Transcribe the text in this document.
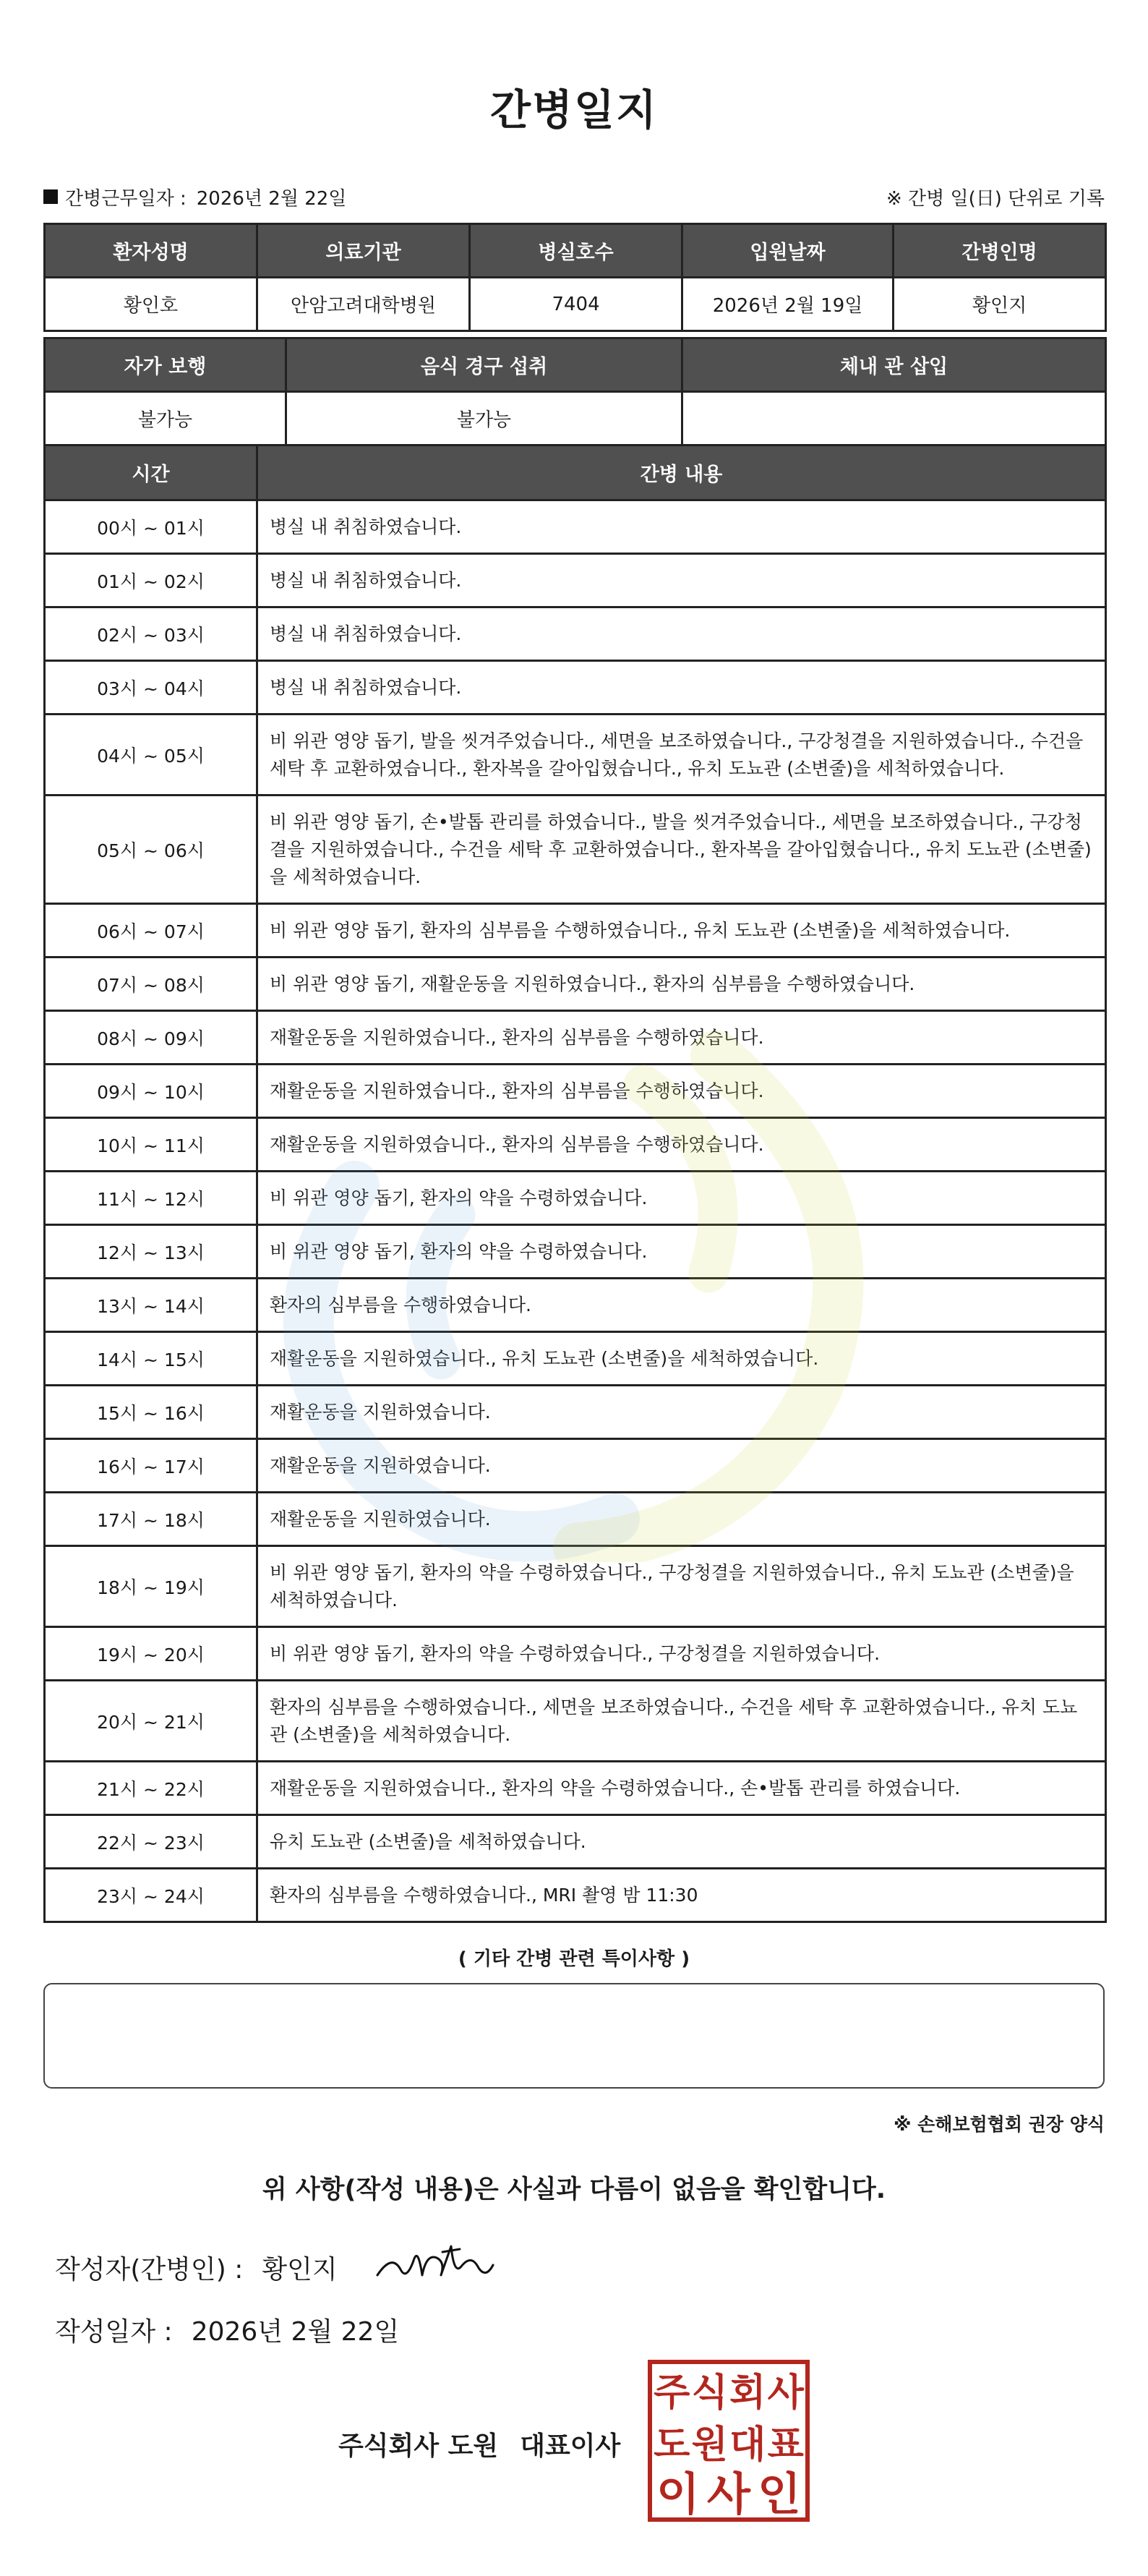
간병일지
간병근무일자 : 2026년 2월 22일	※ 간병 일(日) 단위로 기록
환자성명	의료기관		병실호수	입원날짜	간병인명
황인호	안암고려대학병원		7404	2026년 2월 19일	황인지

자가 보행		음식 경구 섭취		체내 관 삽입	
불가능		불가능			
시간	간병 내용
00시 ~ 01시	병실 내 취침하였습니다.
01시 ~ 02시	병실 내 취침하였습니다.
02시 ~ 03시	병실 내 취침하였습니다.
03시 ~ 04시	병실 내 취침하였습니다.
04시 ~ 05시	비 위관 영양 돕기, 발을 씻겨주었습니다., 세면을 보조하였습니다., 구강청결을 지원하였습니다., 수건을 세탁 후 교환하였습니다., 환자복을 갈아입혔습니다., 유치 도뇨관 (소변줄)을 세척하였습니다.
05시 ~ 06시	비 위관 영양 돕기, 손•발톱 관리를 하였습니다., 발을 씻겨주었습니다., 세면을 보조하였습니다., 구강청결을 지원하였습니다., 수건을 세탁 후 교환하였습니다., 환자복을 갈아입혔습니다., 유치 도뇨관 (소변줄)을 세척하였습니다.
06시 ~ 07시	비 위관 영양 돕기, 환자의 심부름을 수행하였습니다., 유치 도뇨관 (소변줄)을 세척하였습니다.
07시 ~ 08시	비 위관 영양 돕기, 재활운동을 지원하였습니다., 환자의 심부름을 수행하였습니다.
08시 ~ 09시	재활운동을 지원하였습니다., 환자의 심부름을 수행하였습니다.
09시 ~ 10시	재활운동을 지원하였습니다., 환자의 심부름을 수행하였습니다.
10시 ~ 11시	재활운동을 지원하였습니다., 환자의 심부름을 수행하였습니다.
11시 ~ 12시	비 위관 영양 돕기, 환자의 약을 수령하였습니다.
12시 ~ 13시	비 위관 영양 돕기, 환자의 약을 수령하였습니다.
13시 ~ 14시	환자의 심부름을 수행하였습니다.
14시 ~ 15시	재활운동을 지원하였습니다., 유치 도뇨관 (소변줄)을 세척하였습니다.
15시 ~ 16시	재활운동을 지원하였습니다.
16시 ~ 17시	재활운동을 지원하였습니다.
17시 ~ 18시	재활운동을 지원하였습니다.
18시 ~ 19시	비 위관 영양 돕기, 환자의 약을 수령하였습니다., 구강청결을 지원하였습니다., 유치 도뇨관 (소변줄)을 세척하였습니다.
19시 ~ 20시	비 위관 영양 돕기, 환자의 약을 수령하였습니다., 구강청결을 지원하였습니다.
20시 ~ 21시	환자의 심부름을 수행하였습니다., 세면을 보조하였습니다., 수건을 세탁 후 교환하였습니다., 유치 도뇨관 (소변줄)을 세척하였습니다.
21시 ~ 22시	재활운동을 지원하였습니다., 환자의 약을 수령하였습니다., 손•발톱 관리를 하였습니다.
22시 ~ 23시	유치 도뇨관 (소변줄)을 세척하였습니다.
23시 ~ 24시	환자의 심부름을 수행하였습니다., MRI 촬영 밤 11:30
( 기타 간병 관련 특이사항 )
※ 손해보험협회 권장 양식
위 사항(작성 내용)은 사실과 다름이 없음을 확인합니다.
작성자(간병인) : 황인지
작성일자 : 2026년 2월 22일
주식회사 도원 대표이사
주 식 회 사
도 원 대 표
이 사 인
